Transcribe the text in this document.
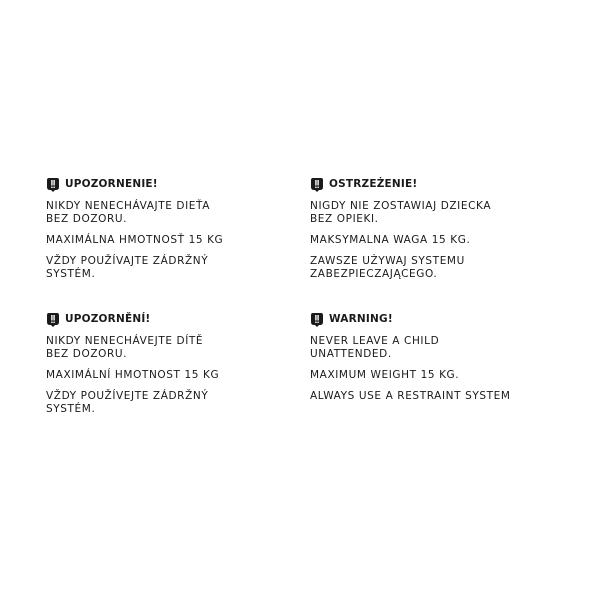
UPOZORNENIE!
NIKDY NENECHÁVAJTE DIEŤA
BEZ DOZORU.
MAXIMÁLNA HMOTNOSŤ 15 KG
VŽDY POUŽÍVAJTE ZÁDRŽNÝ
SYSTÉM.
OSTRZEŻENIE!
NIGDY NIE ZOSTAWIAJ DZIECKA
BEZ OPIEKI.
MAKSYMALNA WAGA 15 KG.
ZAWSZE UŻYWAJ SYSTEMU
ZABEZPIECZAJĄCEGO.
UPOZORNĚNÍ!
NIKDY NENECHÁVEJTE DÍTĚ
BEZ DOZORU.
MAXIMÁLNÍ HMOTNOST 15 KG
VŽDY POUŽÍVEJTE ZÁDRŽNÝ
SYSTÉM.
WARNING!
NEVER LEAVE A CHILD
UNATTENDED.
MAXIMUM WEIGHT 15 KG.
ALWAYS USE A RESTRAINT SYSTEM
